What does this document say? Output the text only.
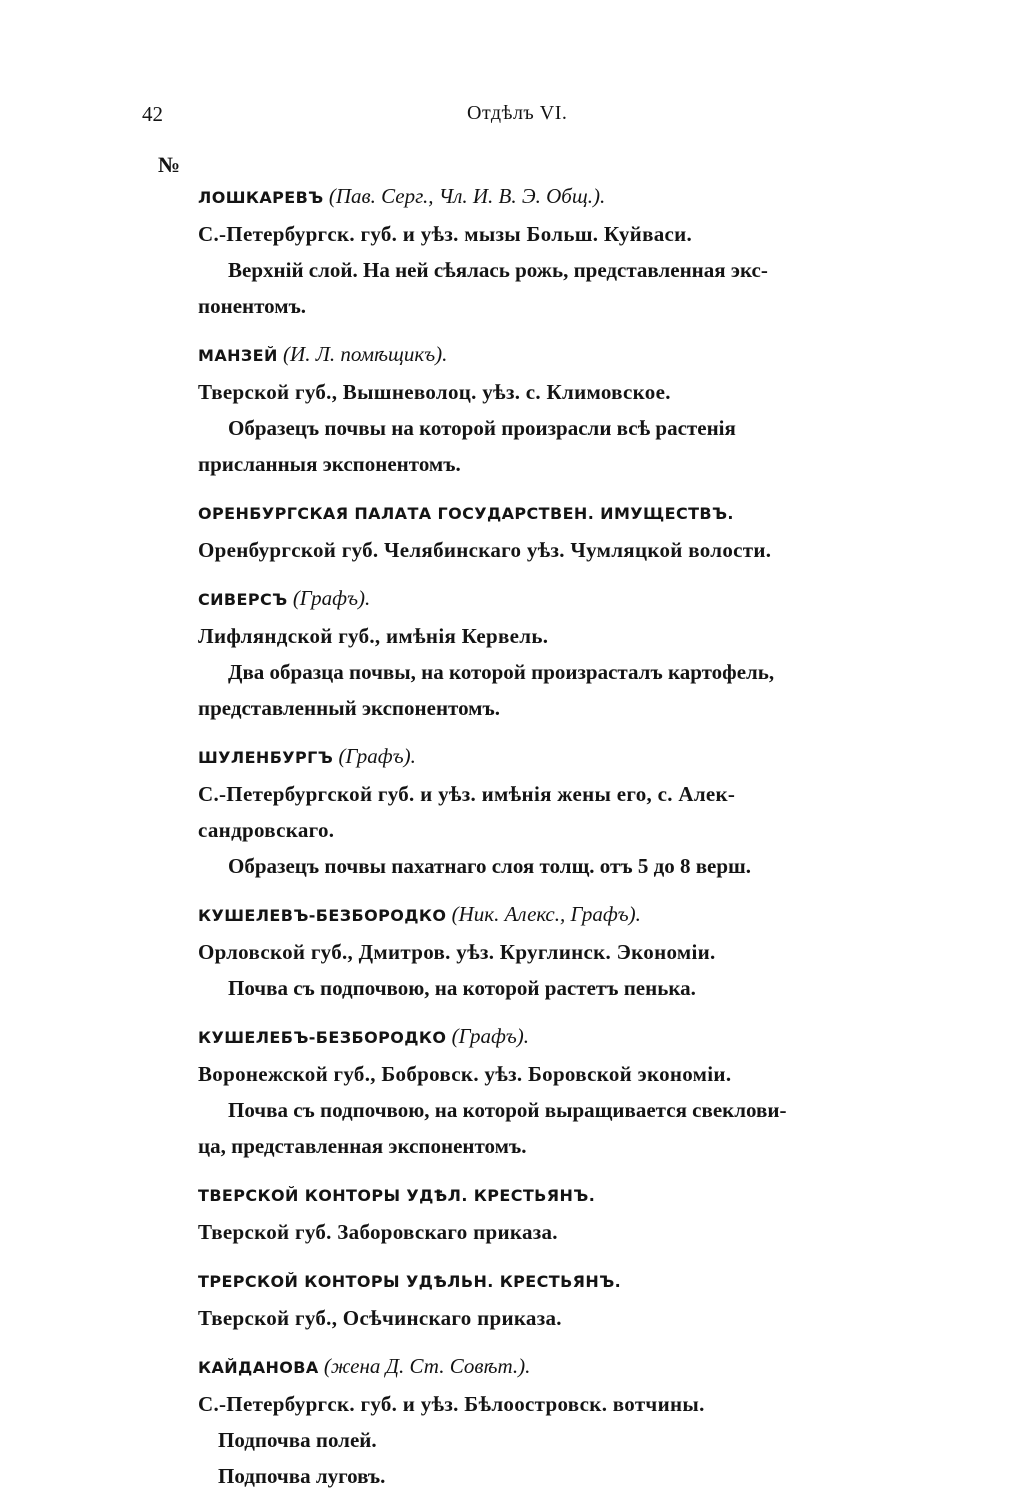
42	Отдѣлъ VI.
№
ЛОШКАРЕВЪ (Пав. Серг., Чл. И. В. Э. Общ.).
С.-Петербургск. губ. и уѣз. мызы Больш. Куйваси.
Верхній слой. На ней сѣялась рожь, представленная экс-
понентомъ.
МАНЗЕЙ (И. Л. помѣщикъ).
Тверской губ., Вышневолоц. уѣз. с. Климовское.
Образецъ почвы на которой произрасли всѣ растенія
присланныя экспонентомъ.
ОРЕНБУРГСКАЯ ПАЛАТА ГОСУДАРСТВЕН. ИМУЩЕСТВЪ.
Оренбургской губ. Челябинскаго уѣз. Чумляцкой волости.
СИВЕРСЪ (Графъ).
Лифляндской губ., имѣнія Кервель.
Два образца почвы, на которой произрасталъ картофель,
представленный экспонентомъ.
ШУЛЕНБУРГЪ (Графъ).
С.-Петербургской губ. и уѣз. имѣнія жены его, с. Алек-
сандровскаго.
Образецъ почвы пахатнаго слоя толщ. отъ 5 до 8 верш.
КУШЕЛЕВЪ-БЕЗБОРОДКО (Ник. Алекс., Графъ).
Орловской губ., Дмитров. уѣз. Круглинск. Экономіи.
Почва съ подпочвою, на которой растетъ пенька.
КУШЕЛЕБЪ-БЕЗБОРОДКО (Графъ).
Воронежской губ., Бобровск. уѣз. Боровской экономіи.
Почва съ подпочвою, на которой выращивается свеклови-
ца, представленная экспонентомъ.
ТВЕРСКОЙ КОНТОРЫ УДѢЛ. КРЕСТЬЯНЪ.
Тверской губ. Заборовскаго приказа.
ТРЕРСКОЙ КОНТОРЫ УДѢЛЬН. КРЕСТЬЯНЪ.
Тверской губ., Осѣчинскаго приказа.
КАЙДАНОВА (жена Д. Ст. Совѣт.).
С.-Петербургск. губ. и уѣз. Бѣлоостровск. вотчины.
Подпочва полей.
Подпочва луговъ.
